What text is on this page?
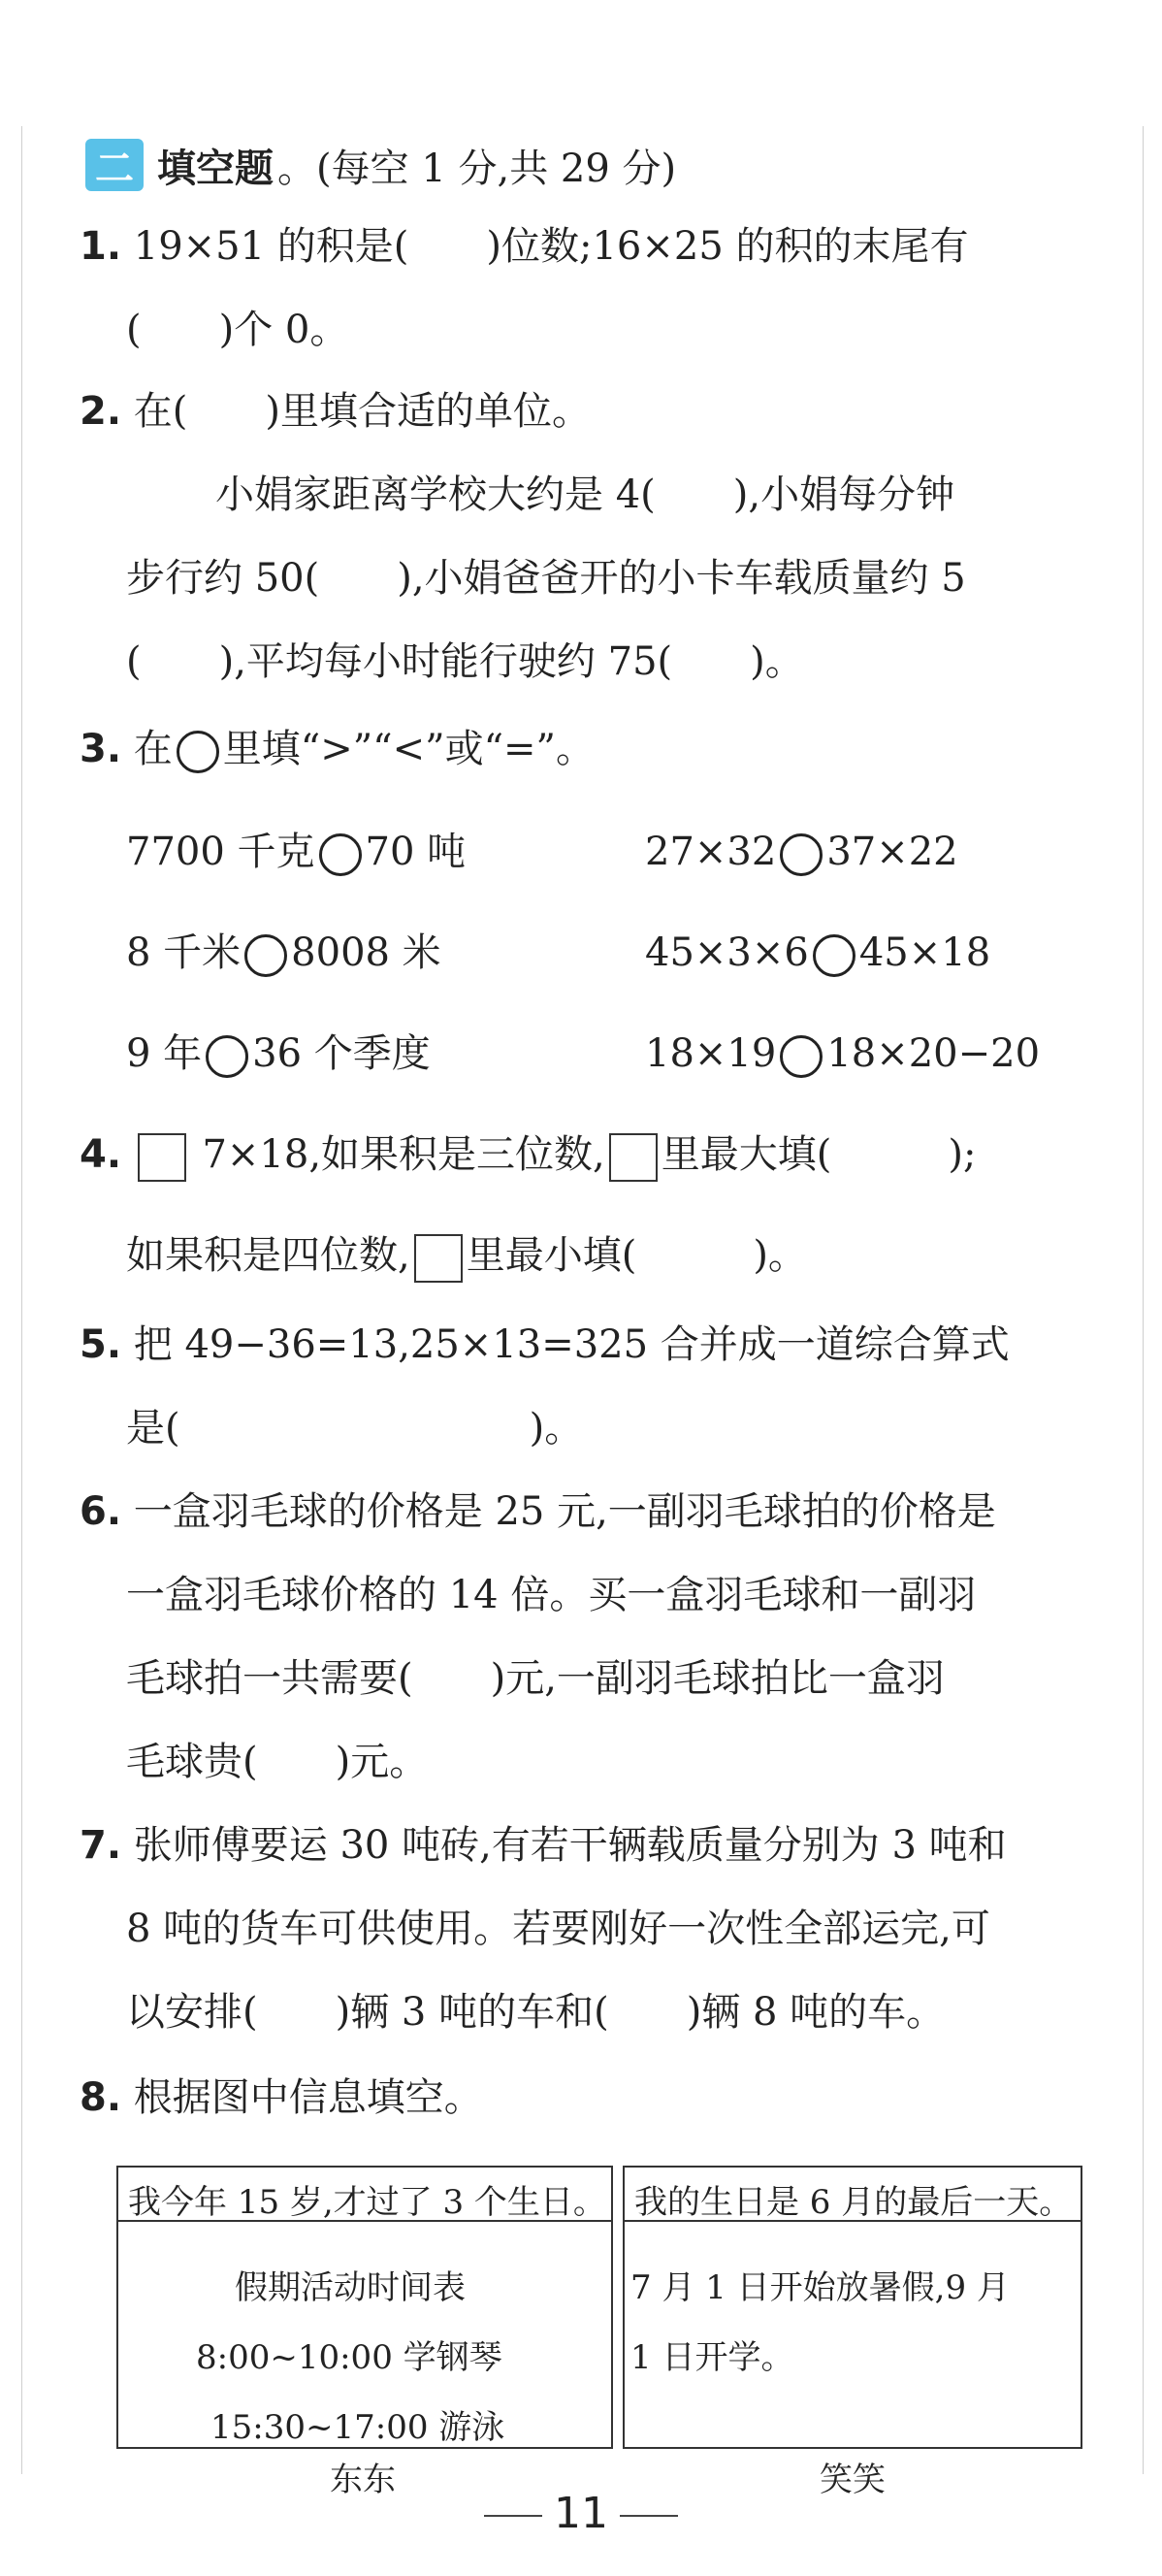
二 填空题 。(每空 1 分,共 29 分)
1. 19×51 的积是(　　)位数;16×25 的积的末尾有
(　　)个 0。
2. 在(　　)里填合适的单位。
小娟家距离学校大约是 4(　　),小娟每分钟
步行约 50(　　),小娟爸爸开的小卡车载质量约 5
(　　),平均每小时能行驶约 75(　　)。
3. 在 里填“>”“<”或“=”。
7700 千克 70 吨	27×32 37×22
8 千米 8008 米	45×3×6 45×18
9 年 36 个季度	18×19 18×20−20
4. 7×18,如果积是三位数, 里最大填(　　　);
如果积是四位数, 里最小填(　　　)。
5. 把 49−36=13,25×13=325 合并成一道综合算式
是(　　　　　　　　　)。
6. 一盒羽毛球的价格是 25 元,一副羽毛球拍的价格是
一盒羽毛球价格的 14 倍。买一盒羽毛球和一副羽
毛球拍一共需要(　　)元,一副羽毛球拍比一盒羽
毛球贵(　　)元。
7. 张师傅要运 30 吨砖,有若干辆载质量分别为 3 吨和
8 吨的货车可供使用。若要刚好一次性全部运完,可
以安排(　　)辆 3 吨的车和(　　)辆 8 吨的车。
8. 根据图中信息填空。
我今年 15 岁,才过了 3 个生日。
假期活动时间表
8:00~10:00 学钢琴
15:30~17:00 游泳
东东
我的生日是 6 月的最后一天。
7 月 1 日开始放暑假,9 月
1 日开学。
笑笑
11
